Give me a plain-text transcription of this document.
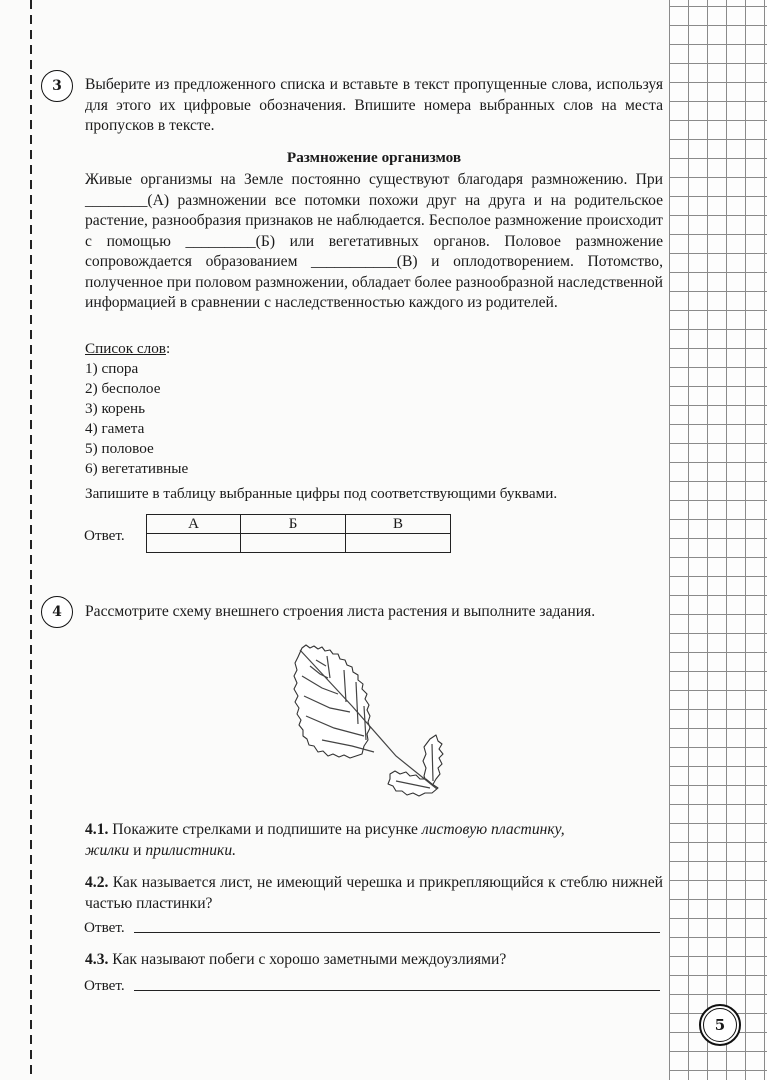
3 Выберите из предложенного списка и вставьте в текст пропущенные слова, используя для этого их цифровые обозначения. Впишите номера выбранных слов на места пропусков в тексте.
Размножение организмов
Живые организмы на Земле постоянно существуют благодаря размножению. При ________(А) размножении все потомки похожи друг на друга и на родительское растение, разнообразия признаков не наблюдается. Бесполое размножение происходит с помощью _________(Б) или вегетативных органов. Половое размножение сопровождается образованием ___________(В) и оплодотворением. Потомство, полученное при половом размножении, обладает более разнообразной наследственной информацией в сравнении с наследственностью каждого из родителей.
Список слов:
1) спора
2) бесполое
3) корень
4) гамета
5) половое
6) вегетативные
Запишите в таблицу выбранные цифры под соответствующими буквами.
Ответ.
А	Б	В

4 Рассмотрите схему внешнего строения листа растения и выполните задания.
4.1. Покажите стрелками и подпишите на рисунке листовую пластинку,
жилки и прилистники.
4.2. Как называется лист, не имеющий черешка и прикрепляющийся к стеблю нижней частью пластинки?
Ответ.
4.3. Как называют побеги с хорошо заметными междоузлиями?
Ответ.
5
